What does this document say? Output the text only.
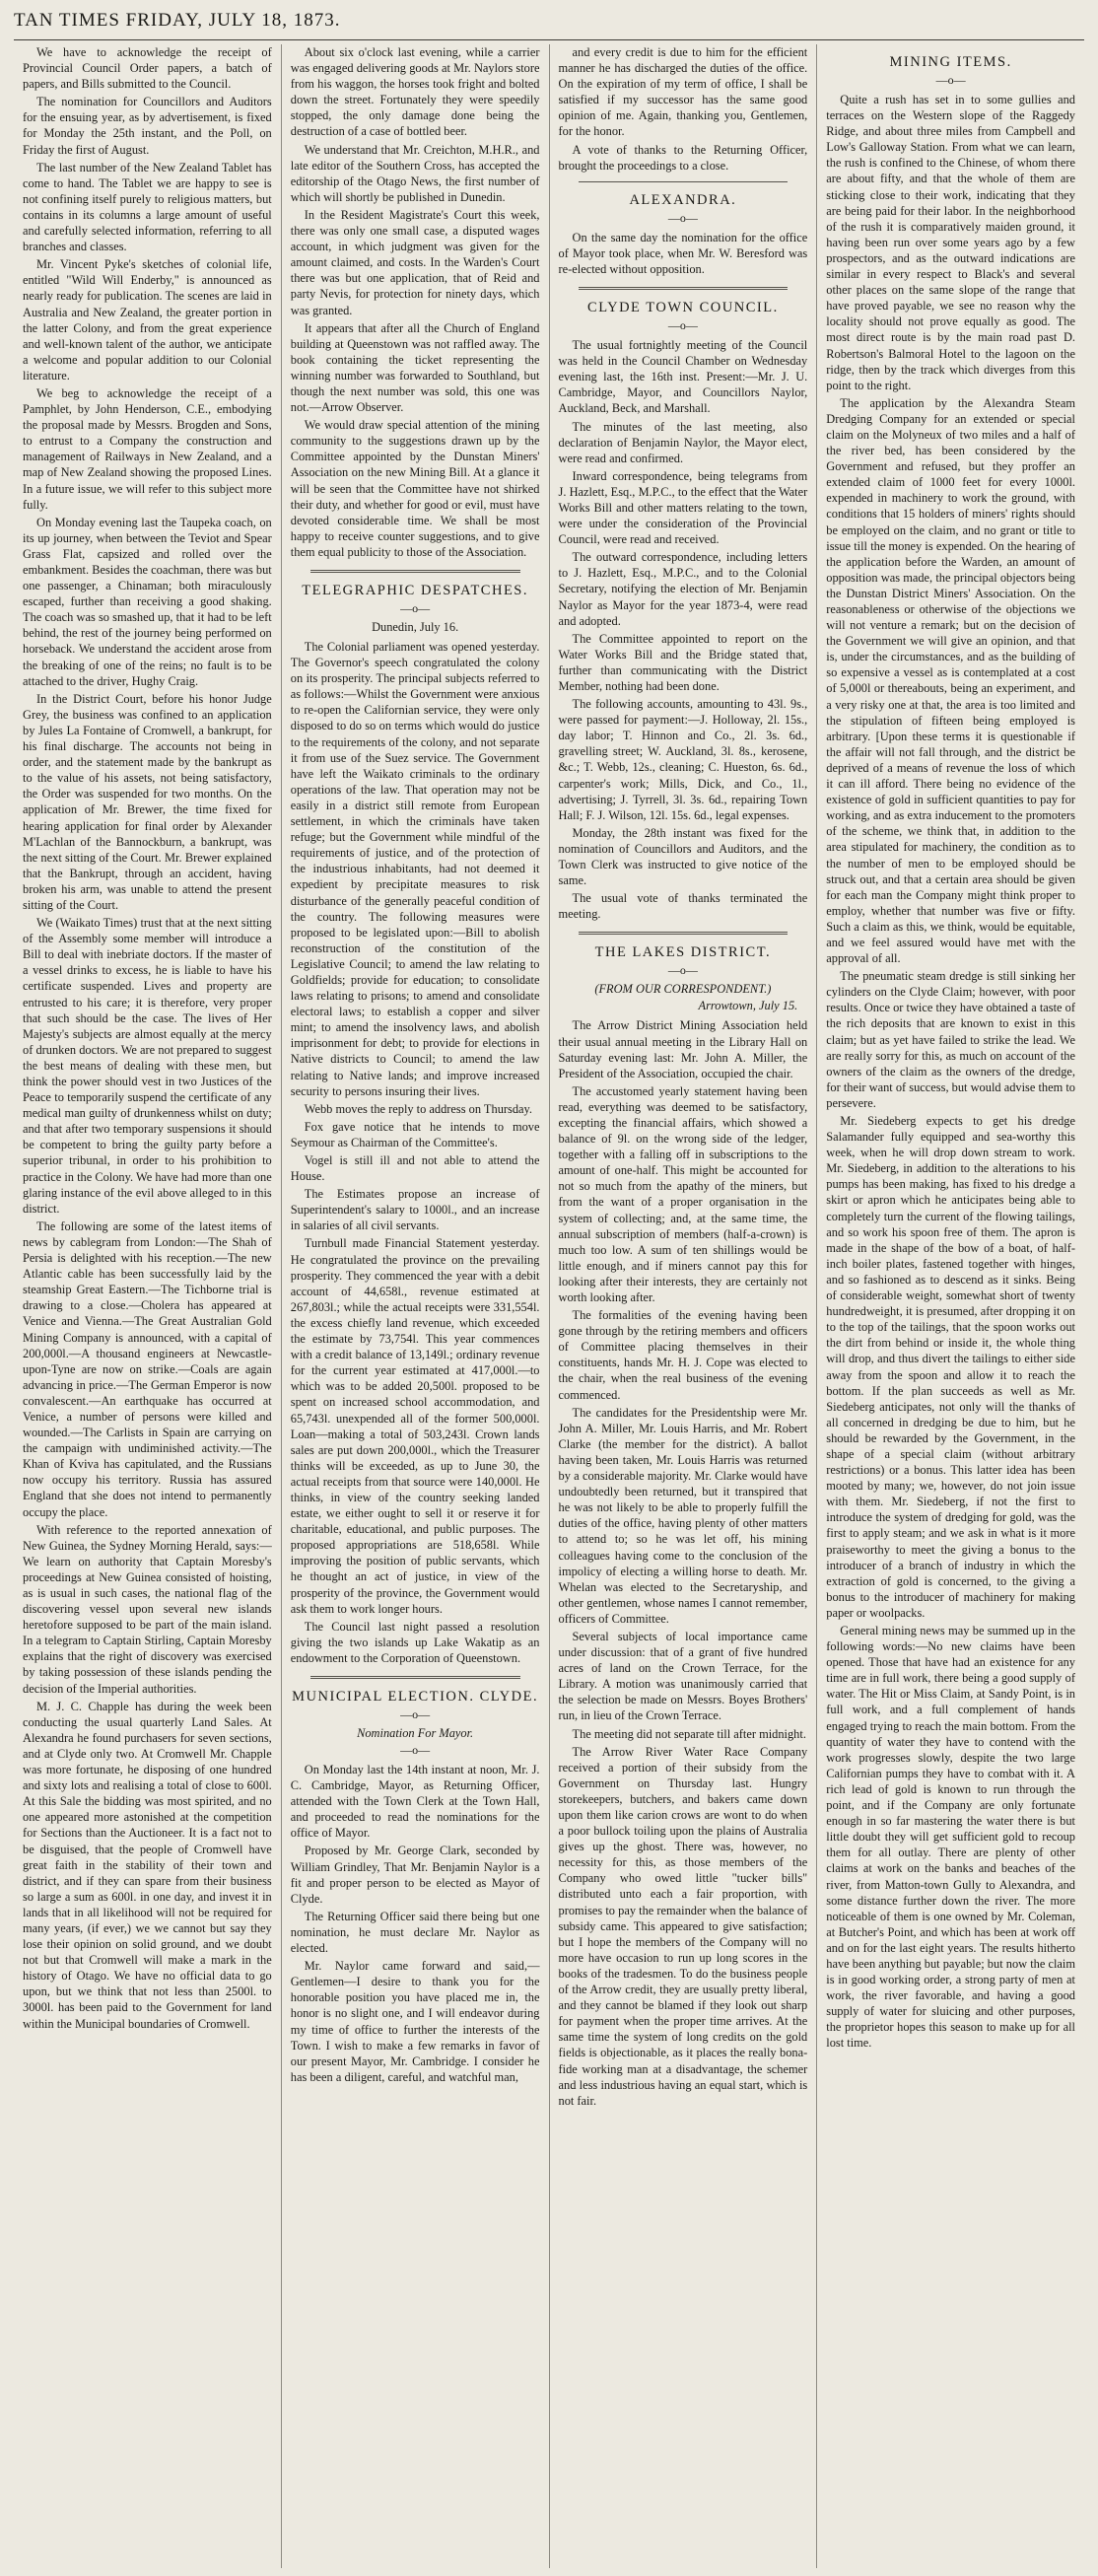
TAN TIMES FRIDAY, JULY 18, 1873.

We have to acknowledge the receipt of Provincial Council Order papers, a batch of papers, and Bills submitted to the Council.

The nomination for Councillors and Auditors for the ensuing year, as by advertisement, is fixed for Monday the 25th instant, and the Poll, on Friday the first of August.

The last number of the New Zealand Tablet has come to hand. The Tablet we are happy to see is not confining itself purely to religious matters, but contains in its columns a large amount of useful and carefully selected information, referring to all branches and classes.

Mr. Vincent Pyke's sketches of colonial life, entitled "Wild Will Enderby," is announced as nearly ready for publication. The scenes are laid in Australia and New Zealand, the greater portion in the latter Colony, and from the great experience and well-known talent of the author, we anticipate a welcome and popular addition to our Colonial literature.

We beg to acknowledge the receipt of a Pamphlet, by John Henderson, C.E., embodying the proposal made by Messrs. Brogden and Sons, to entrust to a Company the construction and management of Railways in New Zealand, and a map of New Zealand showing the proposed Lines. In a future issue, we will refer to this subject more fully.

On Monday evening last the Taupeka coach, on its up journey, when between the Teviot and Spear Grass Flat, capsized and rolled over the embankment. Besides the coachman, there was but one passenger, a Chinaman; both miraculously escaped, further than receiving a good shaking. The coach was so smashed up, that it had to be left behind, the rest of the journey being performed on horseback. We understand the accident arose from the breaking of one of the reins; no fault is to be attached to the driver, Hughy Craig.

In the District Court, before his honor Judge Grey, the business was confined to an application by Jules La Fontaine of Cromwell, a bankrupt, for his final discharge. The accounts not being in order, and the statement made by the bankrupt as to the value of his assets, not being satisfactory, the Order was suspended for two months. On the application of Mr. Brewer, the time fixed for hearing application for final order by Alexander M'Lachlan of the Bannockburn, a bankrupt, was the next sitting of the Court. Mr. Brewer explained that the Bankrupt, through an accident, having broken his arm, was unable to attend the present sitting of the Court.

We (Waikato Times) trust that at the next sitting of the Assembly some member will introduce a Bill to deal with inebriate doctors. If the master of a vessel drinks to excess, he is liable to have his certificate suspended. Lives and property are entrusted to his care; it is therefore, very proper that such should be the case. The lives of Her Majesty's subjects are almost equally at the mercy of drunken doctors. We are not prepared to suggest the best means of dealing with these men, but think the power should vest in two Justices of the Peace to temporarily suspend the certificate of any medical man guilty of drunkenness whilst on duty; and that after two temporary suspensions it should be competent to bring the guilty party before a superior tribunal, in order to his prohibition to practice in the Colony. We have had more than one glaring instance of the evil above alleged to in this district.

The following are some of the latest items of news by cablegram from London:—The Shah of Persia is delighted with his reception.—The new Atlantic cable has been successfully laid by the steamship Great Eastern.—The Tichborne trial is drawing to a close.—Cholera has appeared at Venice and Vienna.—The Great Australian Gold Mining Company is announced, with a capital of 200,000l.—A thousand engineers at Newcastle-upon-Tyne are now on strike.—Coals are again advancing in price.—The German Emperor is now convalescent.—An earthquake has occurred at Venice, a number of persons were killed and wounded.—The Carlists in Spain are carrying on the campaign with undiminished activity.—The Khan of Kviva has capitulated, and the Russians now occupy his territory. Russia has assured England that she does not intend to permanently occupy the place.

With reference to the reported annexation of New Guinea, the Sydney Morning Herald, says:—We learn on authority that Captain Moresby's proceedings at New Guinea consisted of hoisting, as is usual in such cases, the national flag of the discovering vessel upon several new islands heretofore supposed to be part of the main island. In a telegram to Captain Stirling, Captain Moresby explains that the right of discovery was exercised by taking possession of these islands pending the decision of the Imperial authorities.

M. J. C. Chapple has during the week been conducting the usual quarterly Land Sales. At Alexandra he found purchasers for seven sections, and at Clyde only two. At Cromwell Mr. Chapple was more fortunate, he disposing of one hundred and sixty lots and realising a total of close to 600l. At this Sale the bidding was most spirited, and no one appeared more astonished at the competition for Sections than the Auctioneer. It is a fact not to be disguised, that the people of Cromwell have great faith in the stability of their town and district, and if they can spare from their business so large a sum as 600l. in one day, and invest it in lands that in all likelihood will not be required for many years, (if ever,) we we cannot but say they lose their opinion on solid ground, and we doubt not but that Cromwell will make a mark in the history of Otago. We have no official data to go upon, but we think that not less than 2500l. to 3000l. has been paid to the Government for land within the Municipal boundaries of Cromwell.

About six o'clock last evening, while a carrier was engaged delivering goods at Mr. Naylors store from his waggon, the horses took fright and bolted down the street. Fortunately they were speedily stopped, the only damage done being the destruction of a case of bottled beer.

We understand that Mr. Creichton, M.H.R., and late editor of the Southern Cross, has accepted the editorship of the Otago News, the first number of which will shortly be published in Dunedin.

In the Resident Magistrate's Court this week, there was only one small case, a disputed wages account, in which judgment was given for the amount claimed, and costs. In the Warden's Court there was but one application, that of Reid and party Nevis, for protection for ninety days, which was granted.

It appears that after all the Church of England building at Queenstown was not raffled away. The book containing the ticket representing the winning number was forwarded to Southland, but though the next number was sold, this one was not.—Arrow Observer.

We would draw special attention of the mining community to the suggestions drawn up by the Committee appointed by the Dunstan Miners' Association on the new Mining Bill. At a glance it will be seen that the Committee have not shirked their duty, and whether for good or evil, must have devoted considerable time. We shall be most happy to receive counter suggestions, and to give them equal publicity to those of the Association.

TELEGRAPHIC DESPATCHES.
—o—
Dunedin, July 16.

The Colonial parliament was opened yesterday. The Governor's speech congratulated the colony on its prosperity. The principal subjects referred to as follows:—Whilst the Government were anxious to re-open the Californian service, they were only disposed to do so on terms which would do justice to the requirements of the colony, and not separate it from use of the Suez service. The Government have left the Waikato criminals to the ordinary operations of the law. That operation may not be easily in a district still remote from European settlement, in which the criminals have taken refuge; but the Government while mindful of the requirements of justice, and of the protection of the industrious inhabitants, had not deemed it expedient by precipitate measures to risk disturbance of the generally peaceful condition of the country. The following measures were proposed to be legislated upon:—Bill to abolish reconstruction of the constitution of the Legislative Council; to amend the law relating to Goldfields; provide for education; to consolidate laws relating to prisons; to amend and consolidate electoral laws; to establish a copper and silver mint; to amend the insolvency laws, and abolish imprisonment for debt; to provide for elections in Native districts to Council; to amend the law relating to Native lands; and improve increased security to persons insuring their lives.

Webb moves the reply to address on Thursday.

Fox gave notice that he intends to move Seymour as Chairman of the Committee's.

Vogel is still ill and not able to attend the House.

The Estimates propose an increase of Superintendent's salary to 1000l., and an increase in salaries of all civil servants.

Turnbull made Financial Statement yesterday. He congratulated the province on the prevailing prosperity. They commenced the year with a debit account of 44,658l., revenue estimated at 267,803l.; while the actual receipts were 331,554l. the excess chiefly land revenue, which exceeded the estimate by 73,754l. This year commences with a credit balance of 13,149l.; ordinary revenue for the current year estimated at 417,000l.—to which was to be added 20,500l. proposed to be spent on increased school accommodation, and 65,743l. unexpended all of the former 500,000l. Loan—making a total of 503,243l. Crown lands sales are put down 200,000l., which the Treasurer thinks will be exceeded, as up to June 30, the actual receipts from that source were 140,000l. He thinks, in view of the country seeking landed estate, we either ought to sell it or reserve it for charitable, educational, and public purposes. The proposed appropriations are 518,658l. While improving the position of public servants, which he thought an act of justice, in view of the prosperity of the province, the Government would ask them to work longer hours.

The Council last night passed a resolution giving the two islands up Lake Wakatip as an endowment to the Corporation of Queenstown.

MUNICIPAL ELECTION. CLYDE.
—o—
Nomination For Mayor.
—o—

On Monday last the 14th instant at noon, Mr. J. C. Cambridge, Mayor, as Returning Officer, attended with the Town Clerk at the Town Hall, and proceeded to read the nominations for the office of Mayor.

Proposed by Mr. George Clark, seconded by William Grindley, That Mr. Benjamin Naylor is a fit and proper person to be elected as Mayor of Clyde.

The Returning Officer said there being but one nomination, he must declare Mr. Naylor as elected.

Mr. Naylor came forward and said,—Gentlemen—I desire to thank you for the honorable position you have placed me in, the honor is no slight one, and I will endeavor during my time of office to further the interests of the Town. I wish to make a few remarks in favor of our present Mayor, Mr. Cambridge. I consider he has been a diligent, careful, and watchful man,

and every credit is due to him for the efficient manner he has discharged the duties of the office. On the expiration of my term of office, I shall be satisfied if my successor has the same good opinion of me. Again, thanking you, Gentlemen, for the honor.

A vote of thanks to the Returning Officer, brought the proceedings to a close.

ALEXANDRA.
—o—

On the same day the nomination for the office of Mayor took place, when Mr. W. Beresford was re-elected without opposition.

CLYDE TOWN COUNCIL.
—o—

The usual fortnightly meeting of the Council was held in the Council Chamber on Wednesday evening last, the 16th inst. Present:—Mr. J. U. Cambridge, Mayor, and Councillors Naylor, Auckland, Beck, and Marshall.

The minutes of the last meeting, also declaration of Benjamin Naylor, the Mayor elect, were read and confirmed.

Inward correspondence, being telegrams from J. Hazlett, Esq., M.P.C., to the effect that the Water Works Bill and other matters relating to the town, were under the consideration of the Provincial Council, were read and received.

The outward correspondence, including letters to J. Hazlett, Esq., M.P.C., and to the Colonial Secretary, notifying the election of Mr. Benjamin Naylor as Mayor for the year 1873-4, were read and adopted.

The Committee appointed to report on the Water Works Bill and the Bridge stated that, further than communicating with the District Member, nothing had been done.

The following accounts, amounting to 43l. 9s., were passed for payment:—J. Holloway, 2l. 15s., day labor; T. Hinnon and Co., 2l. 3s. 6d., gravelling street; W. Auckland, 3l. 8s., kerosene, &c.; T. Webb, 12s., cleaning; C. Hueston, 6s. 6d., carpenter's work; Mills, Dick, and Co., 1l., advertising; J. Tyrrell, 3l. 3s. 6d., repairing Town Hall; F. J. Wilson, 12l. 15s. 6d., legal expenses.

Monday, the 28th instant was fixed for the nomination of Councillors and Auditors, and the Town Clerk was instructed to give notice of the same.

The usual vote of thanks terminated the meeting.

THE LAKES DISTRICT.
—o—
(FROM OUR CORRESPONDENT.)
Arrowtown, July 15.

The Arrow District Mining Association held their usual annual meeting in the Library Hall on Saturday evening last: Mr. John A. Miller, the President of the Association, occupied the chair.

The accustomed yearly statement having been read, everything was deemed to be satisfactory, excepting the financial affairs, which showed a balance of 9l. on the wrong side of the ledger, together with a falling off in subscriptions to the amount of one-half. This might be accounted for not so much from the apathy of the miners, but from the want of a proper organisation in the system of collecting; and, at the same time, the annual subscription of members (half-a-crown) is much too low. A sum of ten shillings would be little enough, and if miners cannot pay this for looking after their interests, they are certainly not worth looking after.

The formalities of the evening having been gone through by the retiring members and officers of Committee placing themselves in their constituents, hands Mr. H. J. Cope was elected to the chair, when the real business of the evening commenced.

The candidates for the Presidentship were Mr. John A. Miller, Mr. Louis Harris, and Mr. Robert Clarke (the member for the district). A ballot having been taken, Mr. Louis Harris was returned by a considerable majority. Mr. Clarke would have undoubtedly been returned, but it transpired that he was not likely to be able to properly fulfill the duties of the office, having plenty of other matters to attend to; so he was let off, his mining colleagues having come to the conclusion of the impolicy of electing a willing horse to death. Mr. Whelan was elected to the Secretaryship, and other gentlemen, whose names I cannot remember, officers of Committee.

Several subjects of local importance came under discussion: that of a grant of five hundred acres of land on the Crown Terrace, for the Library. A motion was unanimously carried that the selection be made on Messrs. Boyes Brothers' run, in lieu of the Crown Terrace.

The meeting did not separate till after midnight.

The Arrow River Water Race Company received a portion of their subsidy from the Government on Thursday last. Hungry storekeepers, butchers, and bakers came down upon them like carion crows are wont to do when a poor bullock toiling upon the plains of Australia gives up the ghost. There was, however, no necessity for this, as those members of the Company who owed little "tucker bills" distributed unto each a fair proportion, with promises to pay the remainder when the balance of subsidy came. This appeared to give satisfaction; but I hope the members of the Company will no more have occasion to run up long scores in the books of the tradesmen. To do the business people of the Arrow credit, they are usually pretty liberal, and they cannot be blamed if they look out sharp for payment when the proper time arrives. At the same time the system of long credits on the gold fields is objectionable, as it places the really bona-fide working man at a disadvantage, the schemer and less industrious having an equal start, which is not fair.

MINING ITEMS.
—o—

Quite a rush has set in to some gullies and terraces on the Western slope of the Raggedy Ridge, and about three miles from Campbell and Low's Galloway Station. From what we can learn, the rush is confined to the Chinese, of whom there are about fifty, and that the whole of them are sticking close to their work, indicating that they are being paid for their labor. In the neighborhood of the rush it is comparatively maiden ground, it having been run over some years ago by a few prospectors, and as the outward indications are similar in every respect to Black's and several other places on the same slope of the range that have proved payable, we see no reason why the locality should not prove equally as good. The most direct route is by the main road past D. Robertson's Balmoral Hotel to the lagoon on the ridge, then by the track which diverges from this point to the right.

The application by the Alexandra Steam Dredging Company for an extended or special claim on the Molyneux of two miles and a half of the river bed, has been considered by the Government and refused, but they proffer an extended claim of 1000 feet for every 1000l. expended in machinery to work the ground, with conditions that 15 holders of miners' rights should be employed on the claim, and no grant or title to issue till the money is expended. On the hearing of the application before the Warden, an amount of opposition was made, the principal objectors being the Dunstan District Miners' Association. On the reasonableness or otherwise of the objections we will not venture a remark; but on the decision of the Government we will give an opinion, and that is, under the circumstances, and as the building of so expensive a vessel as is contemplated at a cost of 5,000l or thereabouts, being an experiment, and a very risky one at that, the area is too limited and the stipulation of fifteen being employed is arbitrary. [Upon these terms it is questionable if the affair will not fall through, and the district be deprived of a means of revenue the loss of which it can ill afford. There being no evidence of the existence of gold in sufficient quantities to pay for working, and as extra inducement to the promoters of the scheme, we think that, in addition to the area stipulated for machinery, the condition as to the number of men to be employed should be struck out, and that a certain area should be given for each man the Company might think proper to employ, whether that number was five or fifty. Such a claim as this, we think, would be equitable, and we feel assured would have met with the approval of all.

The pneumatic steam dredge is still sinking her cylinders on the Clyde Claim; however, with poor results. Once or twice they have obtained a taste of the rich deposits that are known to exist in this claim; but as yet have failed to strike the lead. We are really sorry for this, as much on account of the owners of the claim as the owners of the dredge, for their want of success, but would advise them to persevere.

Mr. Siedeberg expects to get his dredge Salamander fully equipped and sea-worthy this week, when he will drop down stream to work. Mr. Siedeberg, in addition to the alterations to his pumps has been making, has fixed to his dredge a skirt or apron which he anticipates being able to completely turn the current of the flowing tailings, and so work his spoon free of them. The apron is made in the shape of the bow of a boat, of half-inch boiler plates, fastened together with hinges, and so fashioned as to descend as it sinks. Being of considerable weight, somewhat short of twenty hundredweight, it is presumed, after dropping it on to the top of the tailings, that the spoon works out the dirt from behind or inside it, the whole thing will drop, and thus divert the tailings to either side away from the spoon and allow it to reach the bottom. If the plan succeeds as well as Mr. Siedeberg anticipates, not only will the thanks of all concerned in dredging be due to him, but he should be rewarded by the Government, in the shape of a special claim (without arbitrary restrictions) or a bonus. This latter idea has been mooted by many; we, however, do not join issue with them. Mr. Siedeberg, if not the first to introduce the system of dredging for gold, was the first to apply steam; and we ask in what is it more praiseworthy to meet the giving a bonus to the introducer of a branch of industry in which the extraction of gold is concerned, to the giving a bonus to the introducer of machinery for making paper or woolpacks.

General mining news may be summed up in the following words:—No new claims have been opened. Those that have had an existence for any time are in full work, there being a good supply of water. The Hit or Miss Claim, at Sandy Point, is in full work, and a full complement of hands engaged trying to reach the main bottom. From the quantity of water they have to contend with the work progresses slowly, despite the two large Californian pumps they have to combat with it. A rich lead of gold is known to run through the point, and if the Company are only fortunate enough in so far mastering the water there is but little doubt they will get sufficient gold to recoup them for all outlay. There are plenty of other claims at work on the banks and beaches of the river, from Matton-town Gully to Alexandra, and some distance further down the river. The more noticeable of them is one owned by Mr. Coleman, at Butcher's Point, and which has been at work off and on for the last eight years. The results hitherto have been anything but payable; but now the claim is in good working order, a strong party of men at work, the river favorable, and having a good supply of water for sluicing and other purposes, the proprietor hopes this season to make up for all lost time.
